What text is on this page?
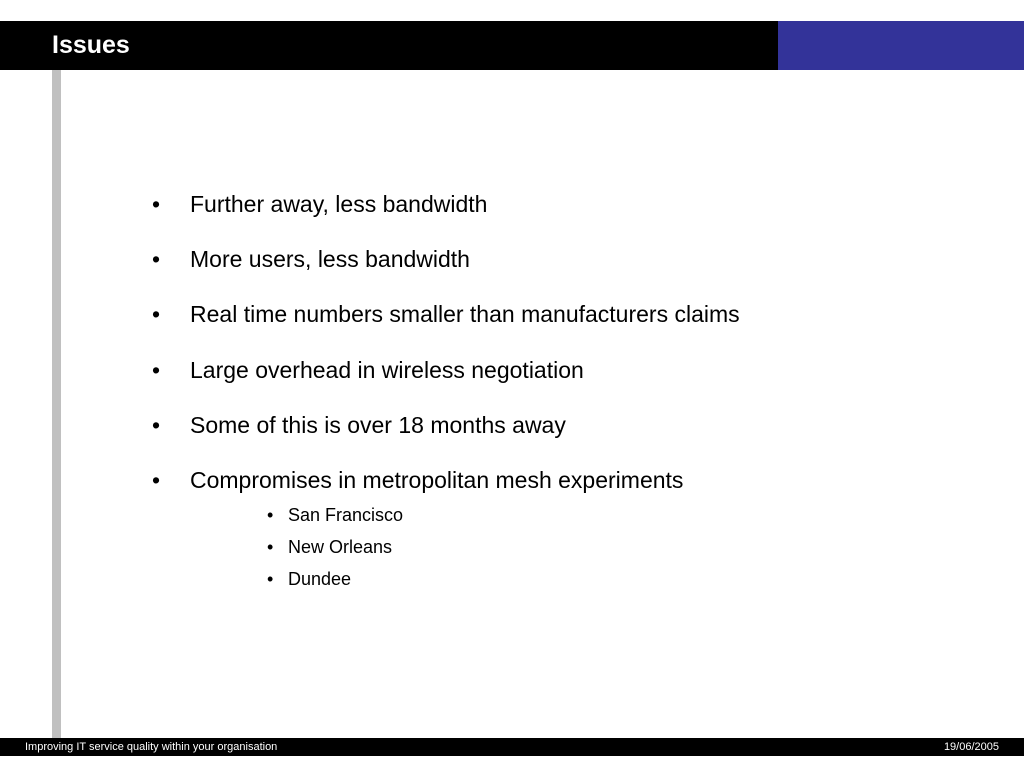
Issues
• Further away, less bandwidth
• More users, less bandwidth
• Real time numbers smaller than manufacturers claims
• Large overhead in wireless negotiation
• Some of this is over 18 months away
• Compromises in metropolitan mesh experiments
• San Francisco
• New Orleans
• Dundee
Improving IT service quality within your organisation	19/06/2005
